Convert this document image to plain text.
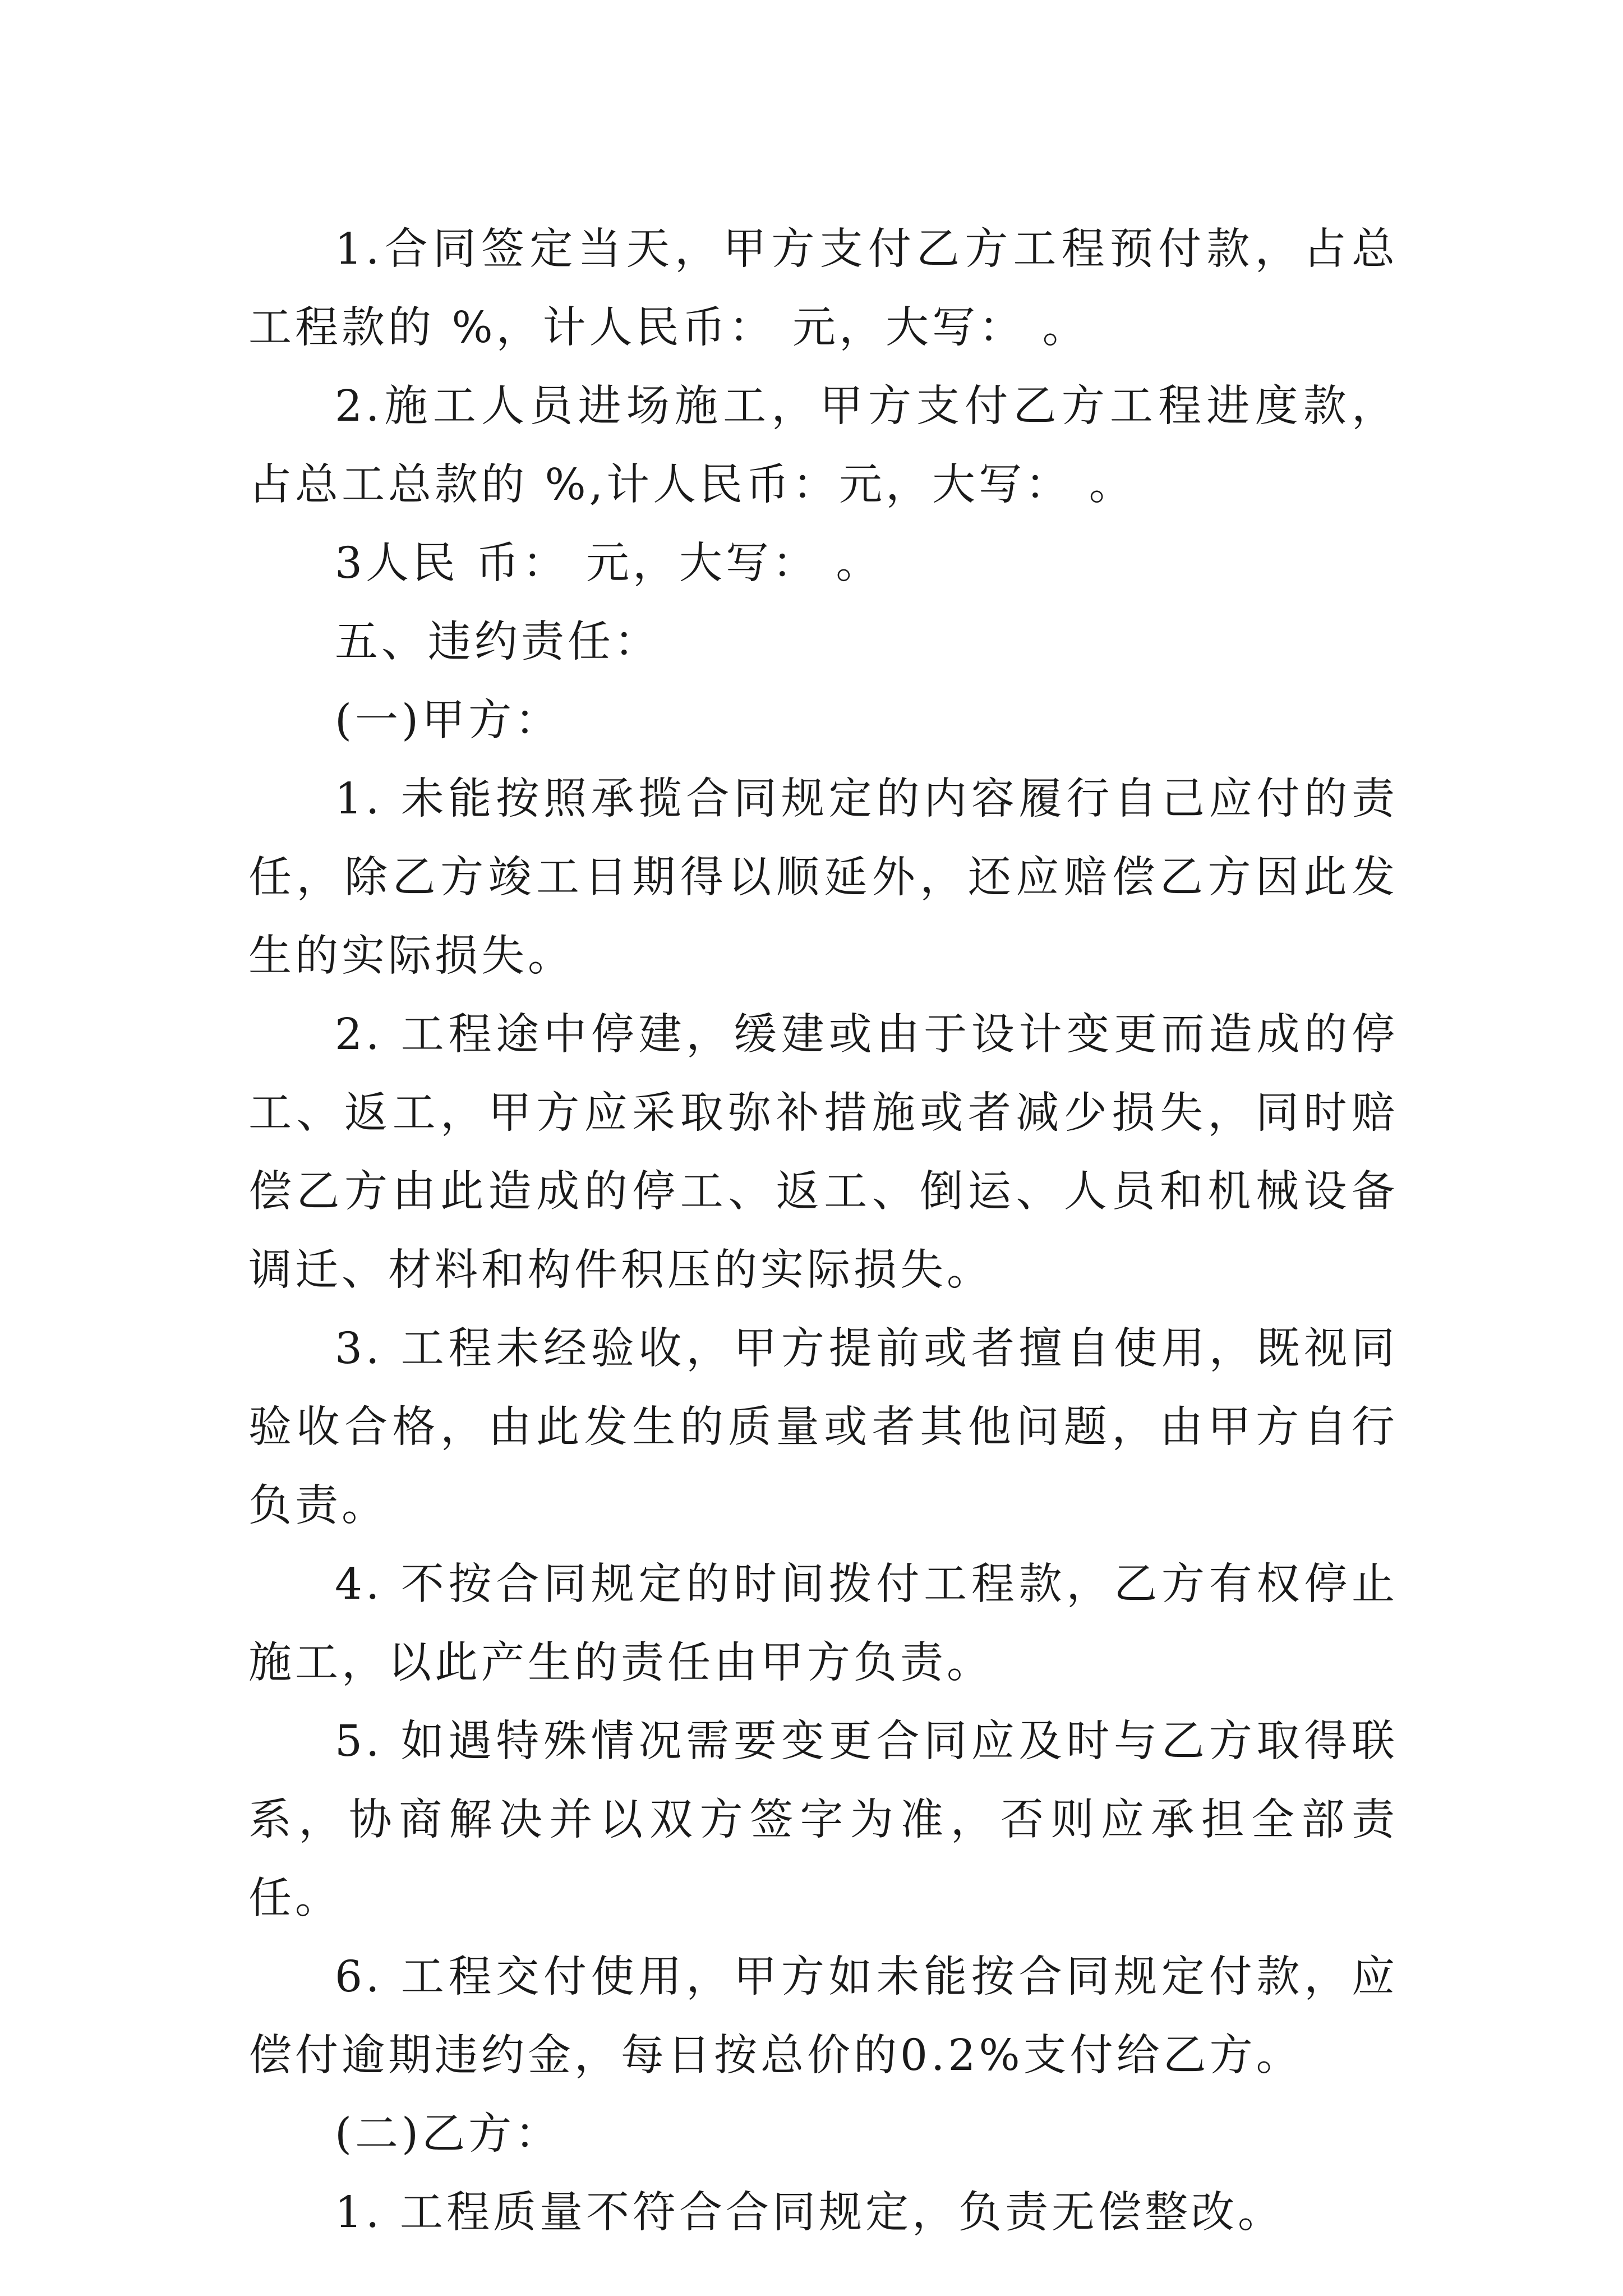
1.合同签定当天，甲方支付乙方工程预付款，占总工程款的 %，计人民币： 元，大写： 。

2.施工人员进场施工，甲方支付乙方工程进度款，占总工总款的 %,计人民币：元，大写： 。

3人民 币： 元，大写： 。

五、违约责任：

(一)甲方：

1. 未能按照承揽合同规定的内容履行自己应付的责任，除乙方竣工日期得以顺延外，还应赔偿乙方因此发生的实际损失。

2. 工程途中停建，缓建或由于设计变更而造成的停工、返工，甲方应采取弥补措施或者减少损失，同时赔偿乙方由此造成的停工、返工、倒运、人员和机械设备调迁、材料和构件积压的实际损失。

3. 工程未经验收，甲方提前或者擅自使用，既视同验收合格，由此发生的质量或者其他问题，由甲方自行负责。

4. 不按合同规定的时间拨付工程款，乙方有权停止施工，以此产生的责任由甲方负责。

5. 如遇特殊情况需要变更合同应及时与乙方取得联系，协商解决并以双方签字为准，否则应承担全部责任。

6. 工程交付使用，甲方如未能按合同规定付款，应偿付逾期违约金，每日按总价的0.2%支付给乙方。

(二)乙方：

1. 工程质量不符合合同规定，负责无偿整改。
